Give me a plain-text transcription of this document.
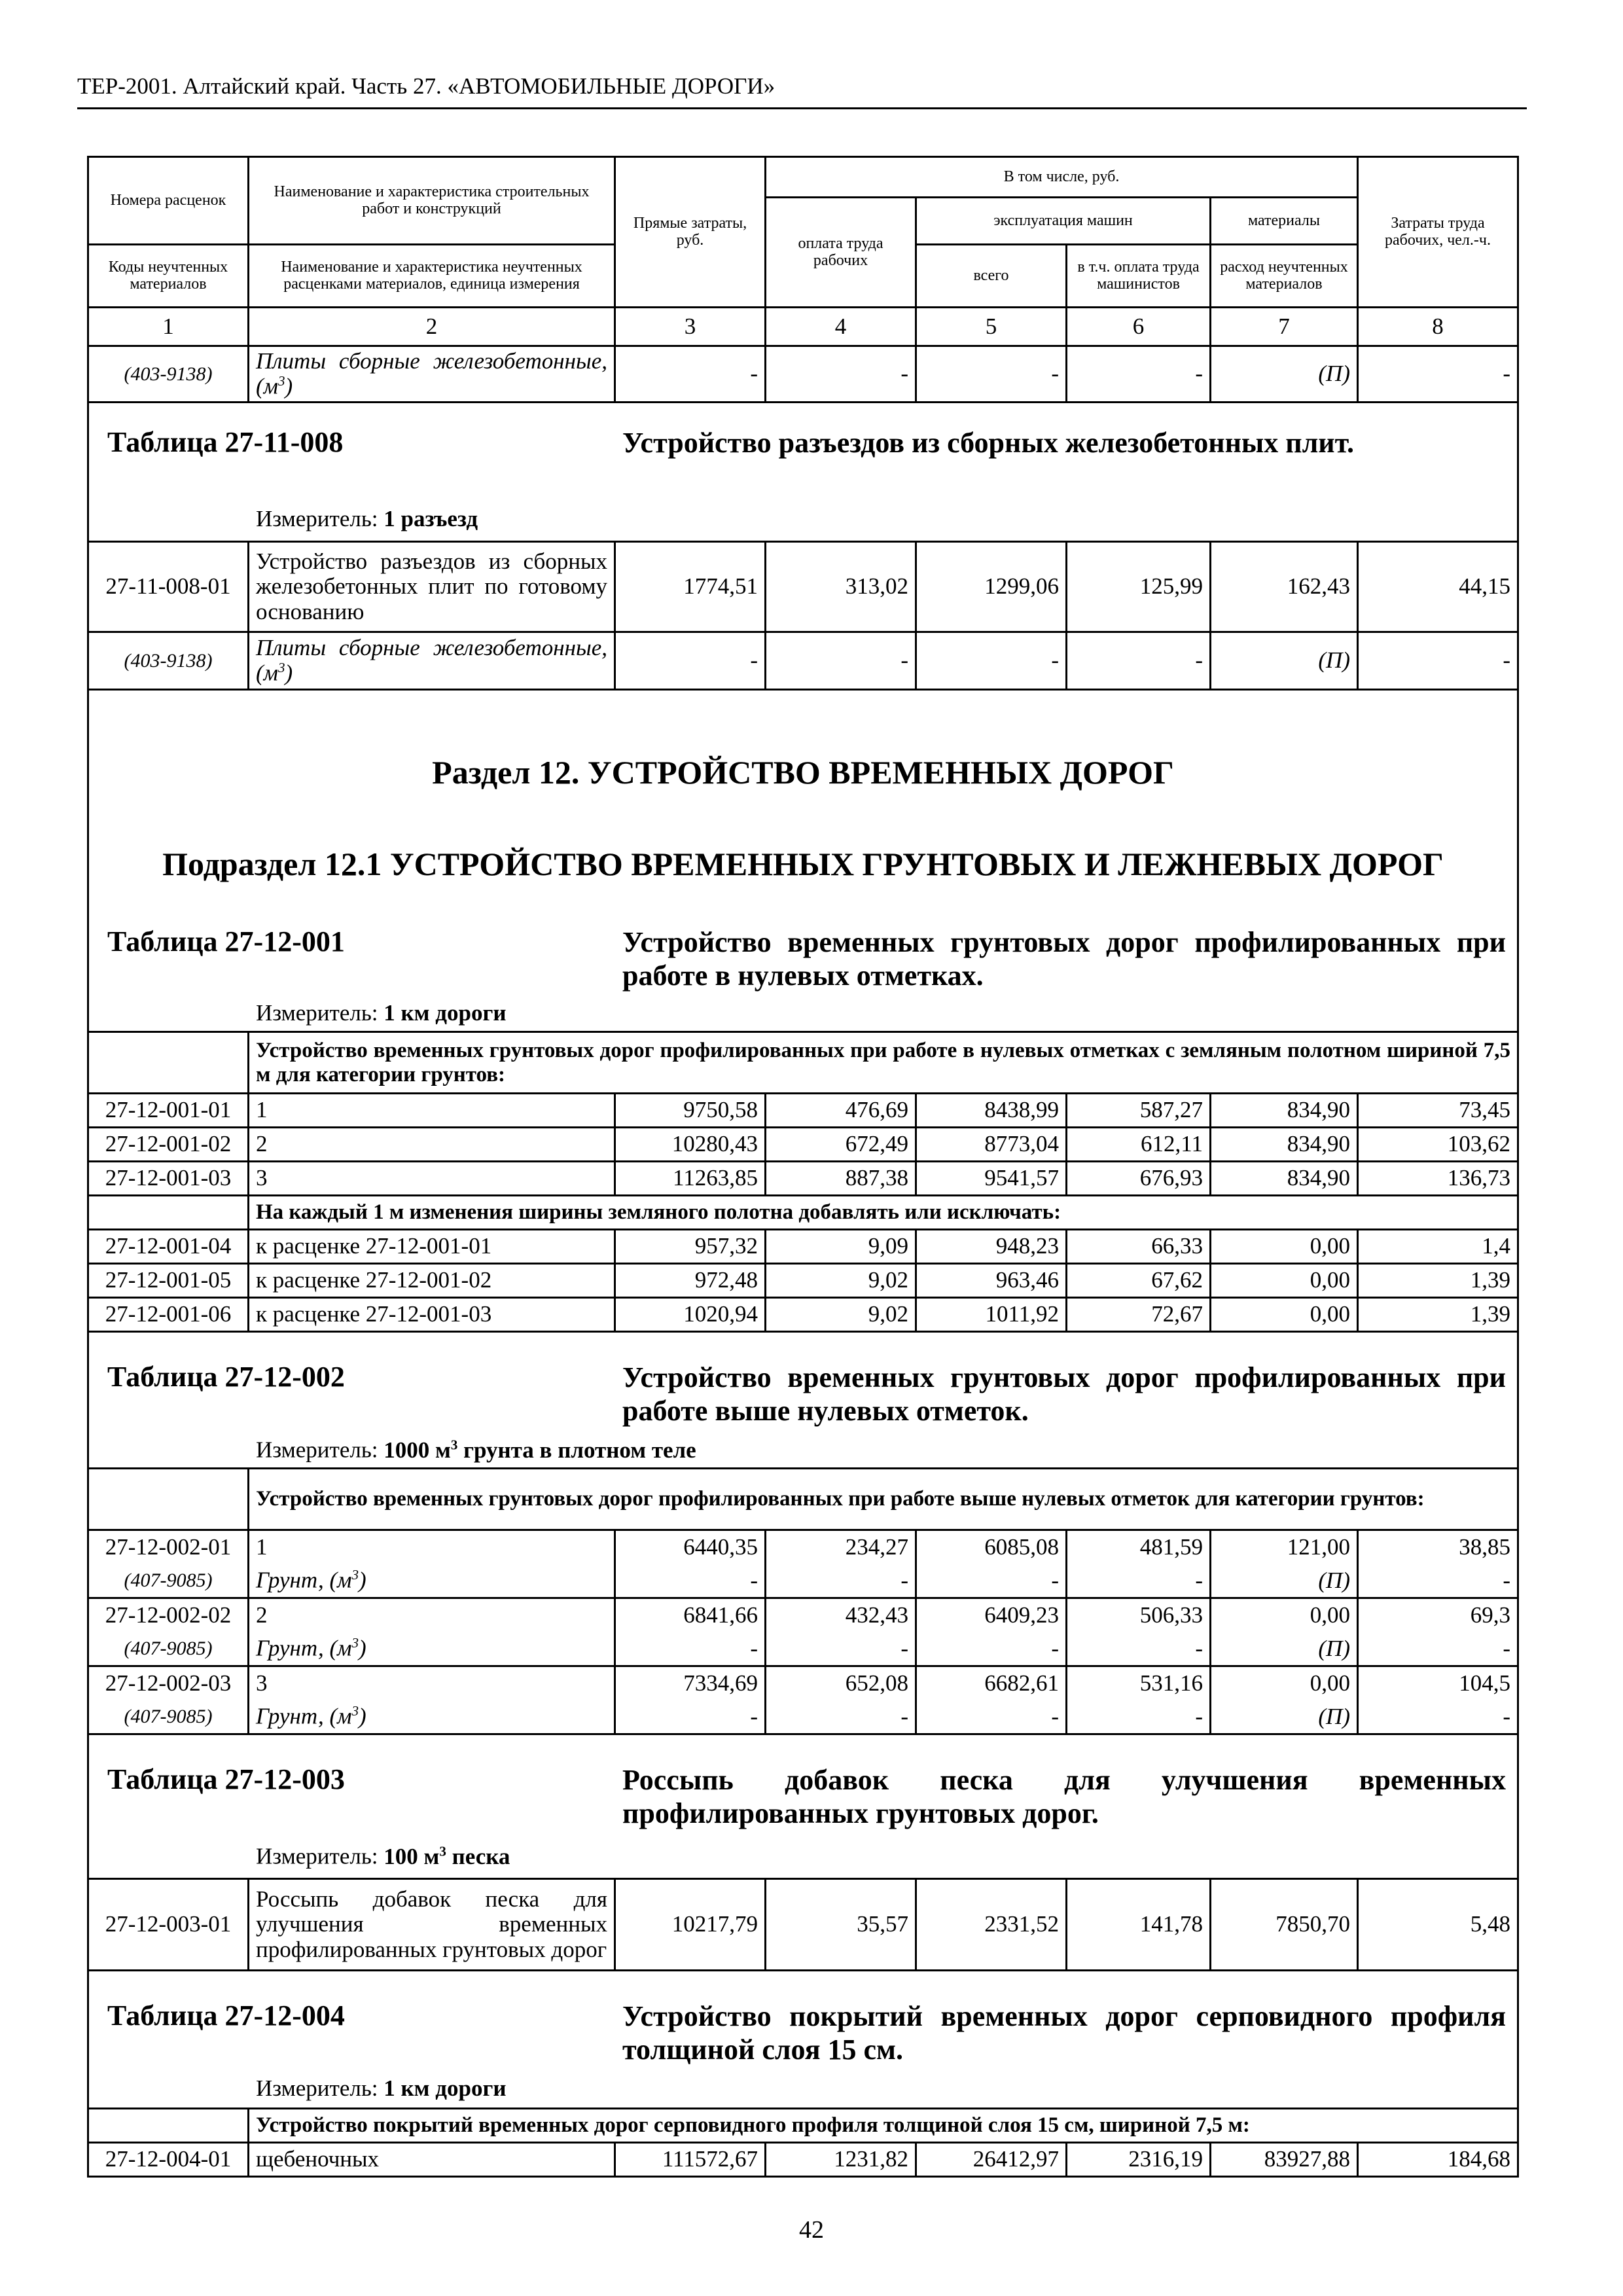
ТЕР-2001. Алтайский край. Часть 27. «АВТОМОБИЛЬНЫЕ ДОРОГИ»
Номера расценок	Наименование и характеристика строительных работ и конструкций	Прямые затраты, руб.	В том числе, руб.				Затраты труда рабочих, чел.-ч.
			оплата труда рабочих	эксплуатация машин		материалы	
Коды неучтенных материалов	Наименование и характеристика неучтенных расценками материалов, единица измерения			всего	в т.ч. оплата труда машинистов	расход неучтенных материалов	
1	2	3	4	5	6	7	8
(403-9138)	Плиты сборные железобетонные, $(м^3)$	-	-	-	-	(П)	-

Таблица 27-11-008 Устройство разъездов из сборных железобетонных плит.
Измеритель: 1 разъезд							

27-11-008-01	Устройство разъездов из сборных железобетонных плит по готовому основанию	1774,51	313,02	1299,06	125,99	162,43	44,15
(403-9138)	Плиты сборные железобетонные, $(м^3)$	-	-	-	-	(П)	-

Раздел 12. УСТРОЙСТВО ВРЕМЕННЫХ ДОРОГ
Подраздел 12.1 УСТРОЙСТВО ВРЕМЕННЫХ ГРУНТОВЫХ И ЛЕЖНЕВЫХ ДОРОГ
Таблица 27-12-001 Устройство временных грунтовых дорог профилированных при работе в нулевых отметках.
Измеритель: 1 км дороги							

	Устройство временных грунтовых дорог профилированных при работе в нулевых отметках с земляным полотном шириной 7,5 м для категории грунтов:						
27-12-001-01	1	9750,58	476,69	8438,99	587,27	834,90	73,45
27-12-001-02	2	10280,43	672,49	8773,04	612,11	834,90	103,62
27-12-001-03	3	11263,85	887,38	9541,57	676,93	834,90	136,73
	На каждый 1 м изменения ширины земляного полотна добавлять или исключать:						
27-12-001-04	к расценке 27-12-001-01	957,32	9,09	948,23	66,33	0,00	1,4
27-12-001-05	к расценке 27-12-001-02	972,48	9,02	963,46	67,62	0,00	1,39
27-12-001-06	к расценке 27-12-001-03	1020,94	9,02	1011,92	72,67	0,00	1,39

Таблица 27-12-002 Устройство временных грунтовых дорог профилированных при работе выше нулевых отметок.
Измеритель: 1000 $м^3$ грунта в плотном теле							

	Устройство временных грунтовых дорог профилированных при работе выше нулевых отметок для категории грунтов:						
27-12-002-01	1	6440,35	234,27	6085,08	481,59	121,00	38,85
(407-9085)	Грунт, $(м^3)$	-	-	-	-	(П)	-
27-12-002-02	2	6841,66	432,43	6409,23	506,33	0,00	69,3
(407-9085)	Грунт, $(м^3)$	-	-	-	-	(П)	-
27-12-002-03	3	7334,69	652,08	6682,61	531,16	0,00	104,5
(407-9085)	Грунт, $(м^3)$	-	-	-	-	(П)	-

Таблица 27-12-003 Россыпь добавок песка для улучшения временных профилированных грунтовых дорог.
Измеритель: 100 $м^3$ песка							

27-12-003-01	Россыпь добавок песка для улучшения временных профилированных грунтовых дорог	10217,79	35,57	2331,52	141,78	7850,70	5,48

Таблица 27-12-004 Устройство покрытий временных дорог серповидного профиля толщиной слоя 15 см.
Измеритель: 1 км дороги							

	Устройство покрытий временных дорог серповидного профиля толщиной слоя 15 см, шириной 7,5 м:						
27-12-004-01	щебеночных	111572,67	1231,82	26412,97	2316,19	83927,88	184,68
42
